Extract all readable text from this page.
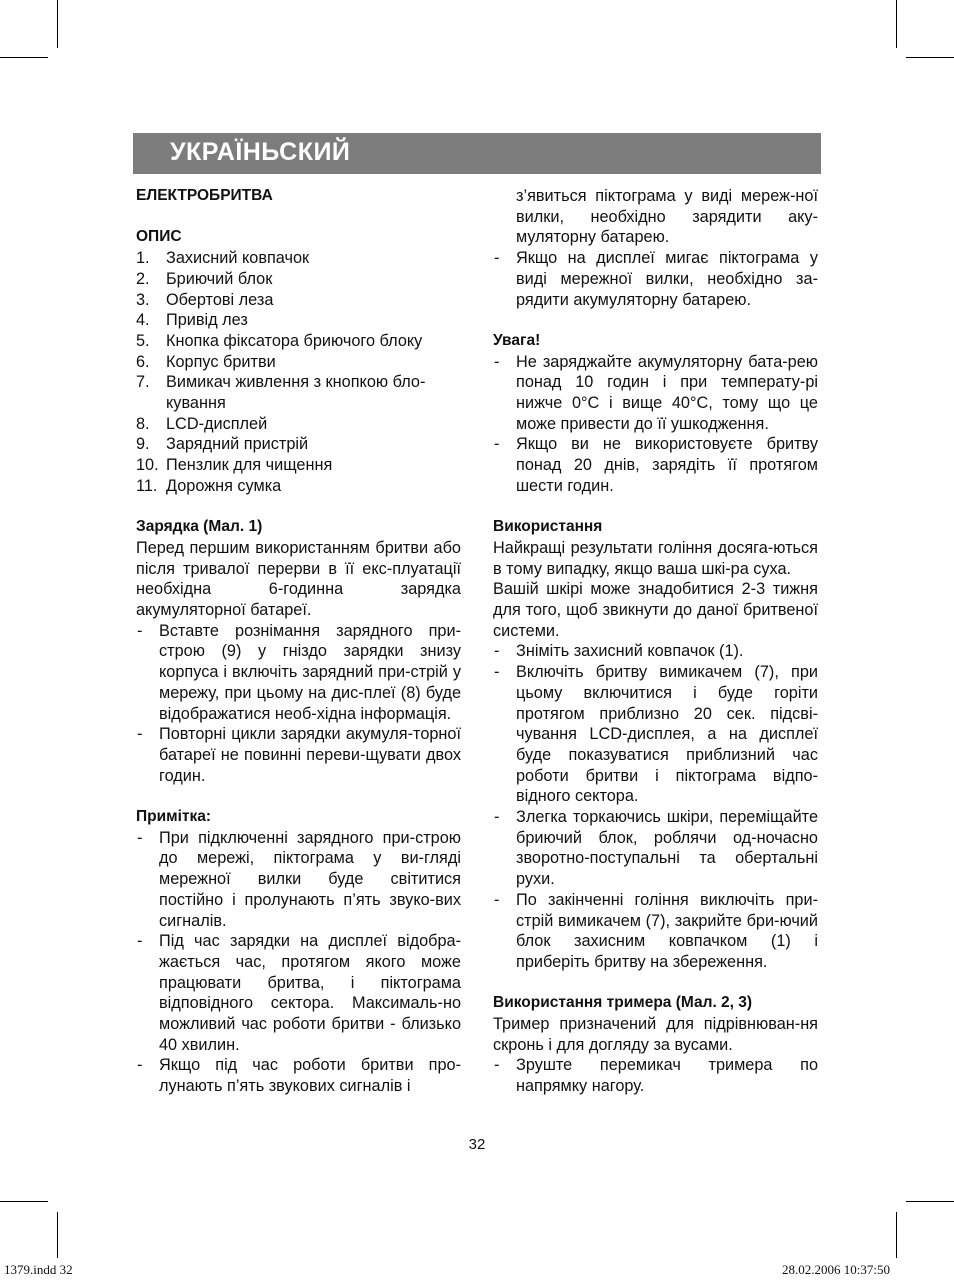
УКРАЇНЬСКИЙ
ЕЛЕКТРОБРИТВА
ОПИС
1.	Захисний ковпачок
2.	Бриючий блок
3.	Обертові леза
4.	Привід лез
5.	Кнопка фіксатора бриючого блоку
6.	Корпус бритви
7.	Вимикач живлення з кнопкою бло-кування
8.	LCD-дисплей
9.	Зарядний пристрій
10. Пензлик для чищення
11. Дорожня сумка
Зарядка (Мал. 1)
Перед першим використанням бритви або після тривалої перерви в її екс-плуатації необхідна 6-годинна зарядка акумуляторної батареї.
-	Вставте рознімання зарядного при-строю (9) у гніздо зарядки знизу корпуса і включіть зарядний при-стрій у мережу, при цьому на дис-плеї (8) буде відображатися необ-хідна інформація.
-	Повторні цикли зарядки акумуля-торної батареї не повинні переви-щувати двох годин.
Примітка:
-	При підключенні зарядного при-строю до мережі, піктограма у ви-гляді мережної вилки буде світитися постійно і пролунають п’ять звуко-вих сигналів.
-	Під час зарядки на дисплеї відобра-жається час, протягом якого може працювати бритва, і піктограма відповідного сектора. Максималь-но можливий час роботи бритви - близько 40 хвилин.
-	Якщо під час роботи бритви про-лунають п’ять звукових сигналів і
з’явиться піктограма у виді мереж-ної вилки, необхідно зарядити аку-муляторну батарею.
-	Якщо на дисплеї мигає піктограма у виді мережної вилки, необхідно за-рядити акумуляторну батарею.
Увага!
-	Не заряджайте акумуляторну бата-рею понад 10 годин і при температу-рі нижче 0°С і вище 40°С, тому що це може привести до її ушкодження.
-	Якщо ви не використовуєте бритву понад 20 днів, зарядіть її протягом шести годин.
Використання
Найкращі результати гоління досяга-ються в тому випадку, якщо ваша шкі-ра суха.
Вашій шкірі може знадобитися 2-3 тижня для того, щоб звикнути до даної бритвеної системи.
-	Зніміть захисний ковпачок (1).
-	Включіть бритву вимикачем (7), при цьому включитися і буде горіти протягом приблизно 20 сек. підсві-чування LCD-дисплея, а на дисплеї буде показуватися приблизний час роботи бритви і піктограма відпо-відного сектора.
-	Злегка торкаючись шкіри, переміщайте бриючий блок, роблячи од-ночасно зворотно-поступальні та обертальні рухи.
-	По закінченні гоління виключіть при-стрій вимикачем (7), закрийте бри-ючий блок захисним ковпачком (1) і приберіть бритву на збереження.
Використання тримера (Мал. 2, 3)
Тример призначений для підрівнюван-ня скронь і для догляду за вусами.
-	Зруште перемикач тримера по напрямку нагору.
32
1379.indd 32	28.02.2006 10:37:50
